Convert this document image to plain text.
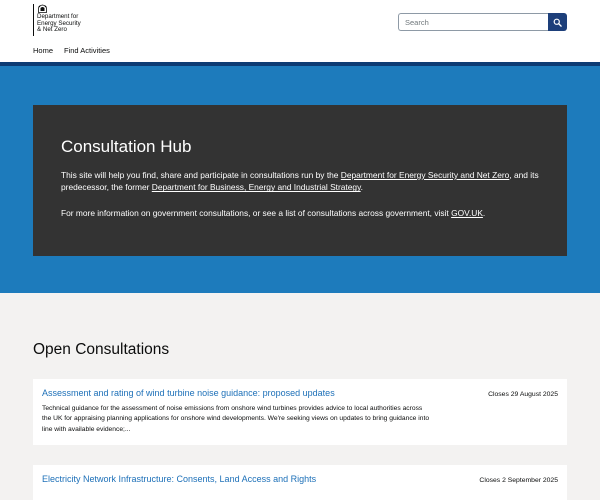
Department for
Energy Security
& Net Zero
Search
Home Find Activities
Consultation Hub

This site will help you find, share and participate in consultations run by the Department for Energy Security and Net Zero, and its predecessor, the former Department for Business, Energy and Industrial Strategy.

For more information on government consultations, or see a list of consultations across government, visit GOV.UK.

Open Consultations
Assessment and rating of wind turbine noise guidance: proposed updates

Technical guidance for the assessment of noise emissions from onshore wind turbines provides advice to local authorities across the UK for appraising planning applications for onshore wind developments. We're seeking views on updates to bring guidance into line with available evidence;...

Closes 29 August 2025
Electricity Network Infrastructure: Consents, Land Access and Rights	Closes 2 September 2025
